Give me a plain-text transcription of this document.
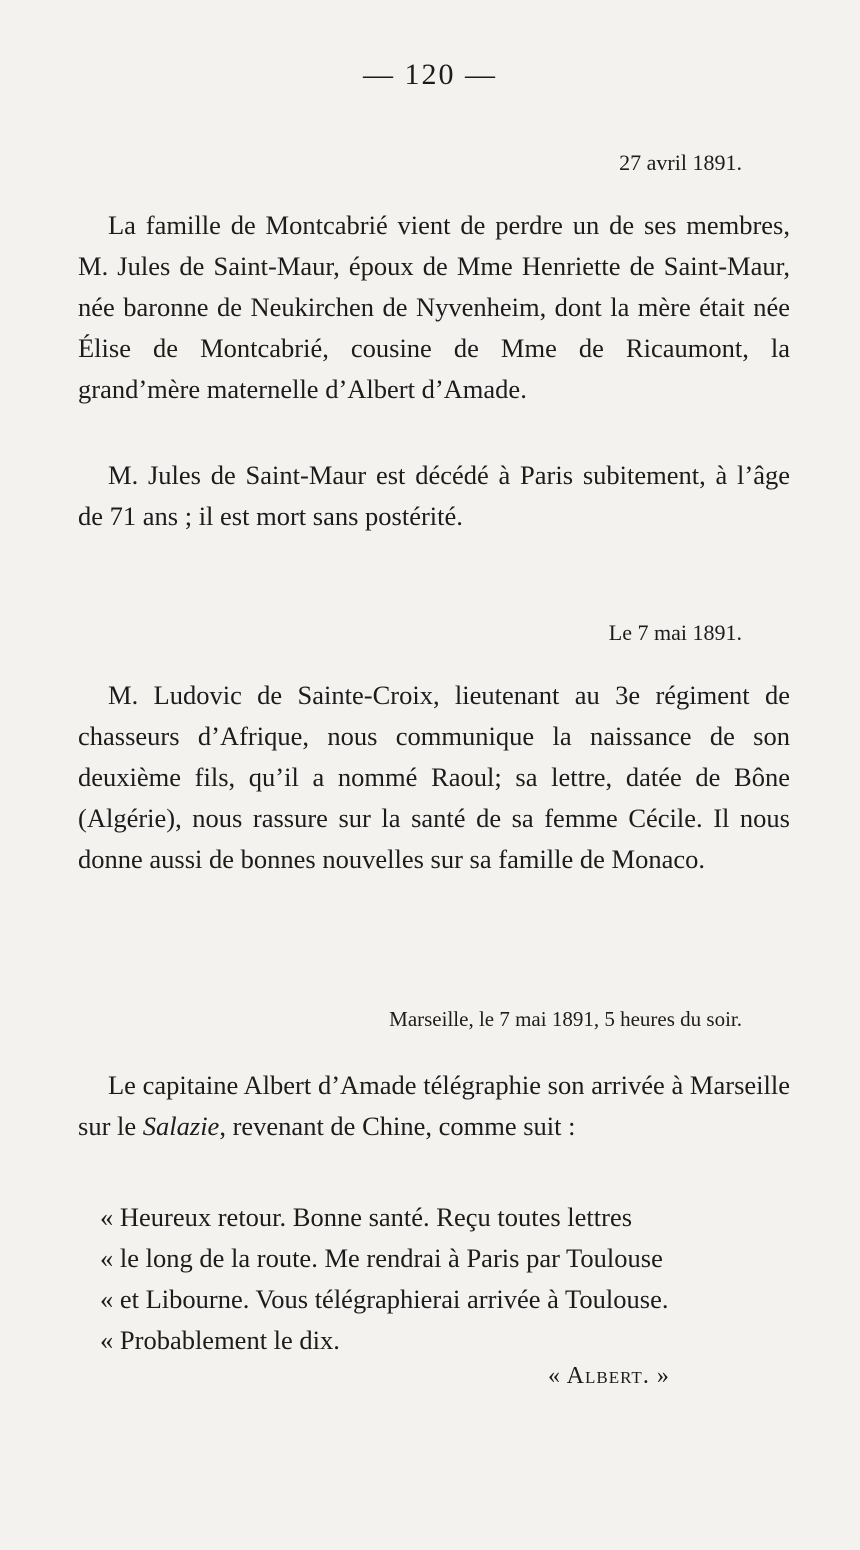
— 120 —
27 avril 1891.

La famille de Montcabrié vient de perdre un de ses membres, M. Jules de Saint-Maur, époux de Mme Henriette de Saint-Maur, née baronne de Neukirchen de Nyvenheim, dont la mère était née Élise de Montcabrié, cousine de Mme de Ricaumont, la grand’mère maternelle d’Albert d’Amade.

M. Jules de Saint-Maur est décédé à Paris subitement, à l’âge de 71 ans ; il est mort sans postérité.

Le 7 mai 1891.

M. Ludovic de Sainte-Croix, lieutenant au 3e régiment de chasseurs d’Afrique, nous communique la naissance de son deuxième fils, qu’il a nommé Raoul; sa lettre, datée de Bône (Algérie), nous rassure sur la santé de sa femme Cécile. Il nous donne aussi de bonnes nouvelles sur sa famille de Monaco.

Marseille, le 7 mai 1891, 5 heures du soir.

Le capitaine Albert d’Amade télégraphie son arrivée à Marseille sur le Salazie, revenant de Chine, comme suit :

« Heureux retour. Bonne santé. Reçu toutes lettres
« le long de la route. Me rendrai à Paris par Toulouse
« et Libourne. Vous télégraphierai arrivée à Toulouse.
« Probablement le dix.
« Albert. »
